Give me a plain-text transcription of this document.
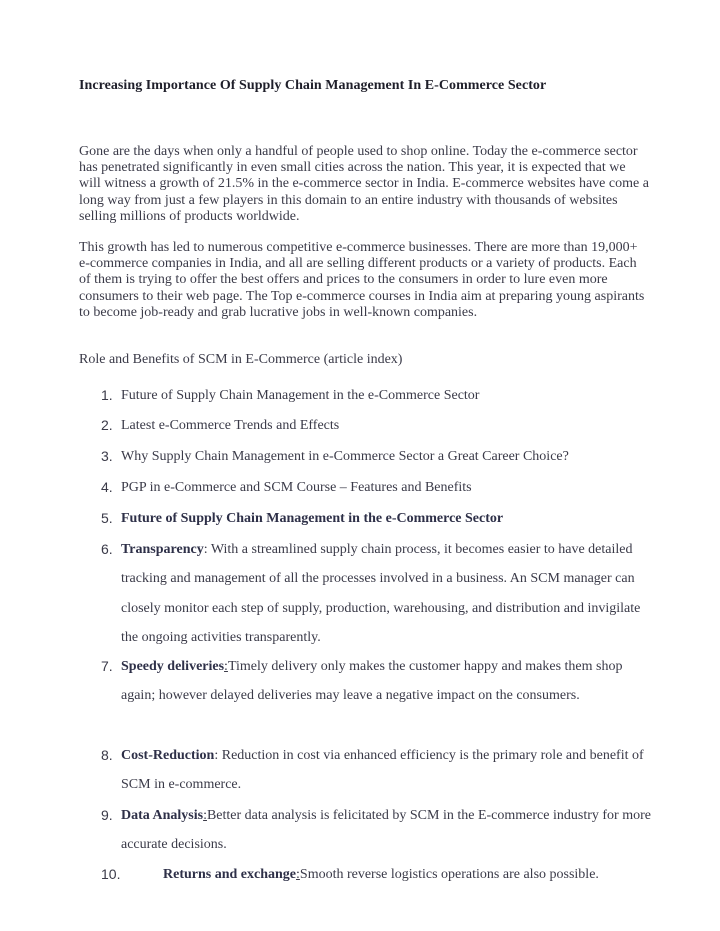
Increasing Importance Of Supply Chain Management In E-Commerce Sector
Gone are the days when only a handful of people used to shop online. Today the e-commerce sector has penetrated significantly in even small cities across the nation. This year, it is expected that we will witness a growth of 21.5% in the e-commerce sector in India. E-commerce websites have come a long way from just a few players in this domain to an entire industry with thousands of websites selling millions of products worldwide.
This growth has led to numerous competitive e-commerce businesses. There are more than 19,000+ e-commerce companies in India, and all are selling different products or a variety of products. Each of them is trying to offer the best offers and prices to the consumers in order to lure even more consumers to their web page. The Top e-commerce courses in India aim at preparing young aspirants to become job-ready and grab lucrative jobs in well-known companies.
Role and Benefits of SCM in E-Commerce (article index)
1. Future of Supply Chain Management in the e-Commerce Sector
2. Latest e-Commerce Trends and Effects
3. Why Supply Chain Management in e-Commerce Sector a Great Career Choice?
4. PGP in e-Commerce and SCM Course – Features and Benefits
5. Future of Supply Chain Management in the e-Commerce Sector
6. Transparency: With a streamlined supply chain process, it becomes easier to have detailed tracking and management of all the processes involved in a business. An SCM manager can closely monitor each step of supply, production, warehousing, and distribution and invigilate the ongoing activities transparently.
7. Speedy deliveries:Timely delivery only makes the customer happy and makes them shop again; however delayed deliveries may leave a negative impact on the consumers.
8. Cost-Reduction: Reduction in cost via enhanced efficiency is the primary role and benefit of SCM in e-commerce.
9. Data Analysis:Better data analysis is felicitated by SCM in the E-commerce industry for more accurate decisions.
10.	Returns and exchange:Smooth reverse logistics operations are also possible.
